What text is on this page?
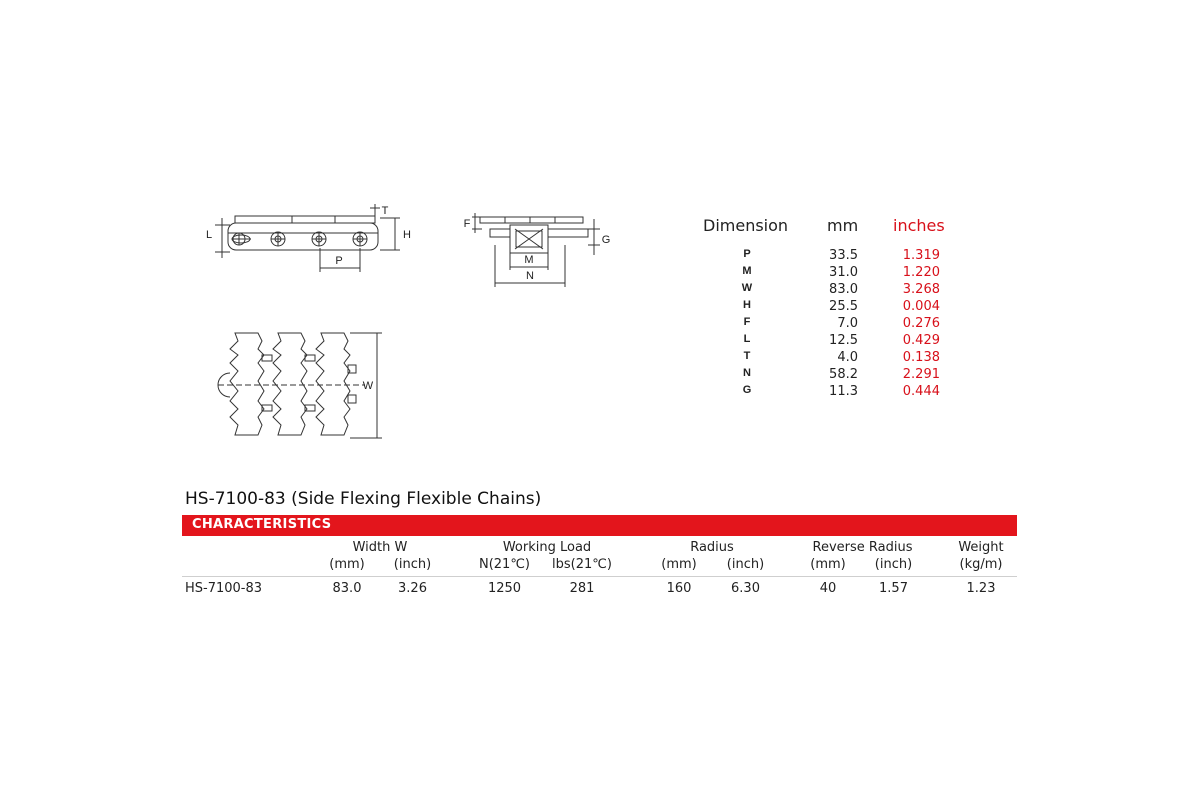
P
L
T
H
F
G
M
N
W
Dimension mm inches
P	33.5	1.319
M	31.0	1.220
W	83.0	3.268
H	25.5	0.004
F	7.0	0.276
L	12.5	0.429
T	4.0	0.138
N	58.2	2.291
G	11.3	0.444
HS-7100-83 (Side Flexing Flexible Chains)
CHARACTERISTICS
Width W	Working Load	Radius	Reverse Radius	Weight
(mm)	(inch)	N(21℃)	lbs(21℃)	(mm)	(inch)	(mm)	(inch)	(kg/m)
HS-7100-83	83.0	3.26	1250	281	160	6.30	40	1.57	1.23
